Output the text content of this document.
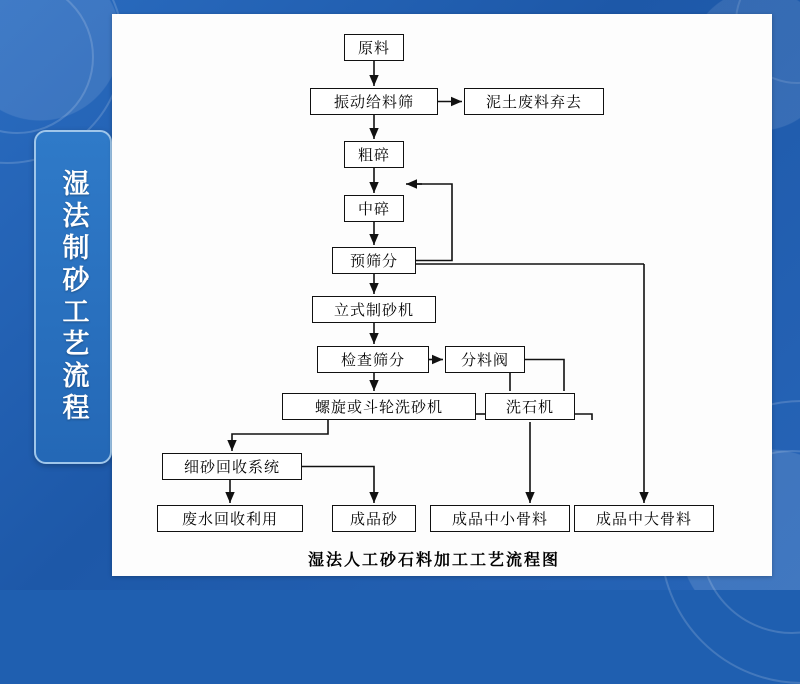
湿法制砂工艺流程
原料
振动给料筛	泥土废料弃去
粗碎
中碎
预筛分
立式制砂机
检查筛分	分料阀
螺旋或斗轮洗砂机	洗石机
细砂回收系统
废水回收利用	成品砂	成品中小骨料	成品中大骨料
湿法人工砂石料加工工艺流程图
